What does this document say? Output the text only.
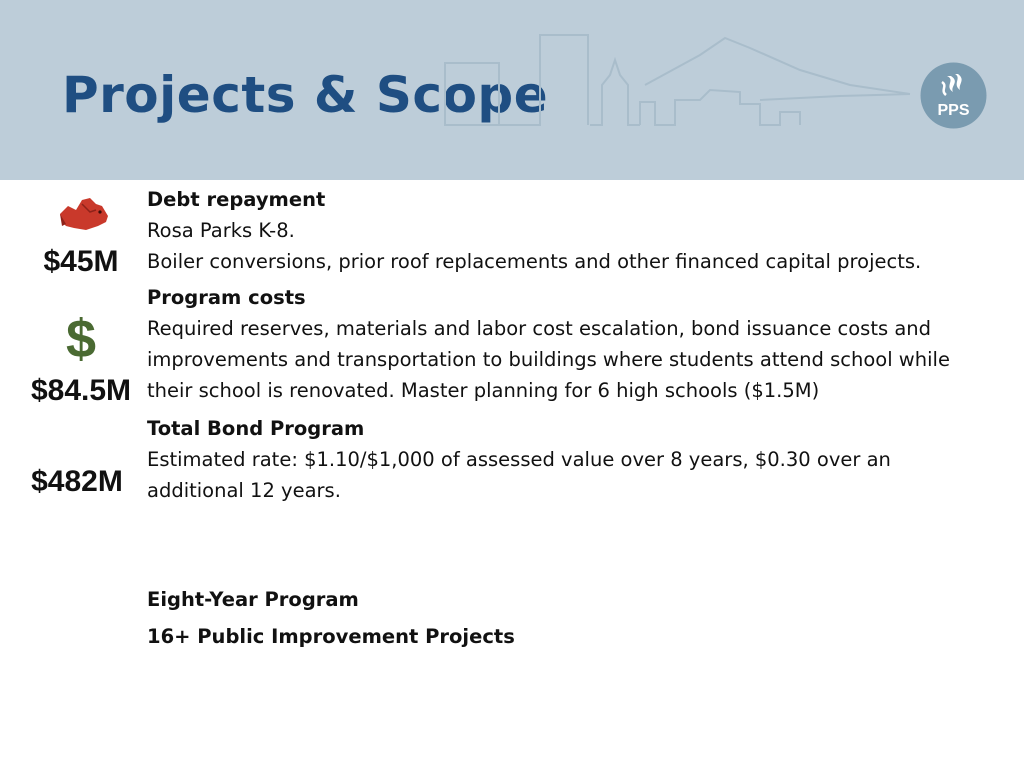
Projects & Scope	PPS
$45M
$
$84.5M
$482M
Debt repayment
Rosa Parks K-8.
Boiler conversions, prior roof replacements and other financed capital projects.
Program costs
Required reserves, materials and labor cost escalation, bond issuance costs and improvements and transportation to buildings where students attend school while their school is renovated. Master planning for 6 high schools ($1.5M)
Total Bond Program
Estimated rate: $1.10/$1,000 of assessed value over 8 years, $0.30 over an additional 12 years.
Eight-Year Program
16+ Public Improvement Projects
